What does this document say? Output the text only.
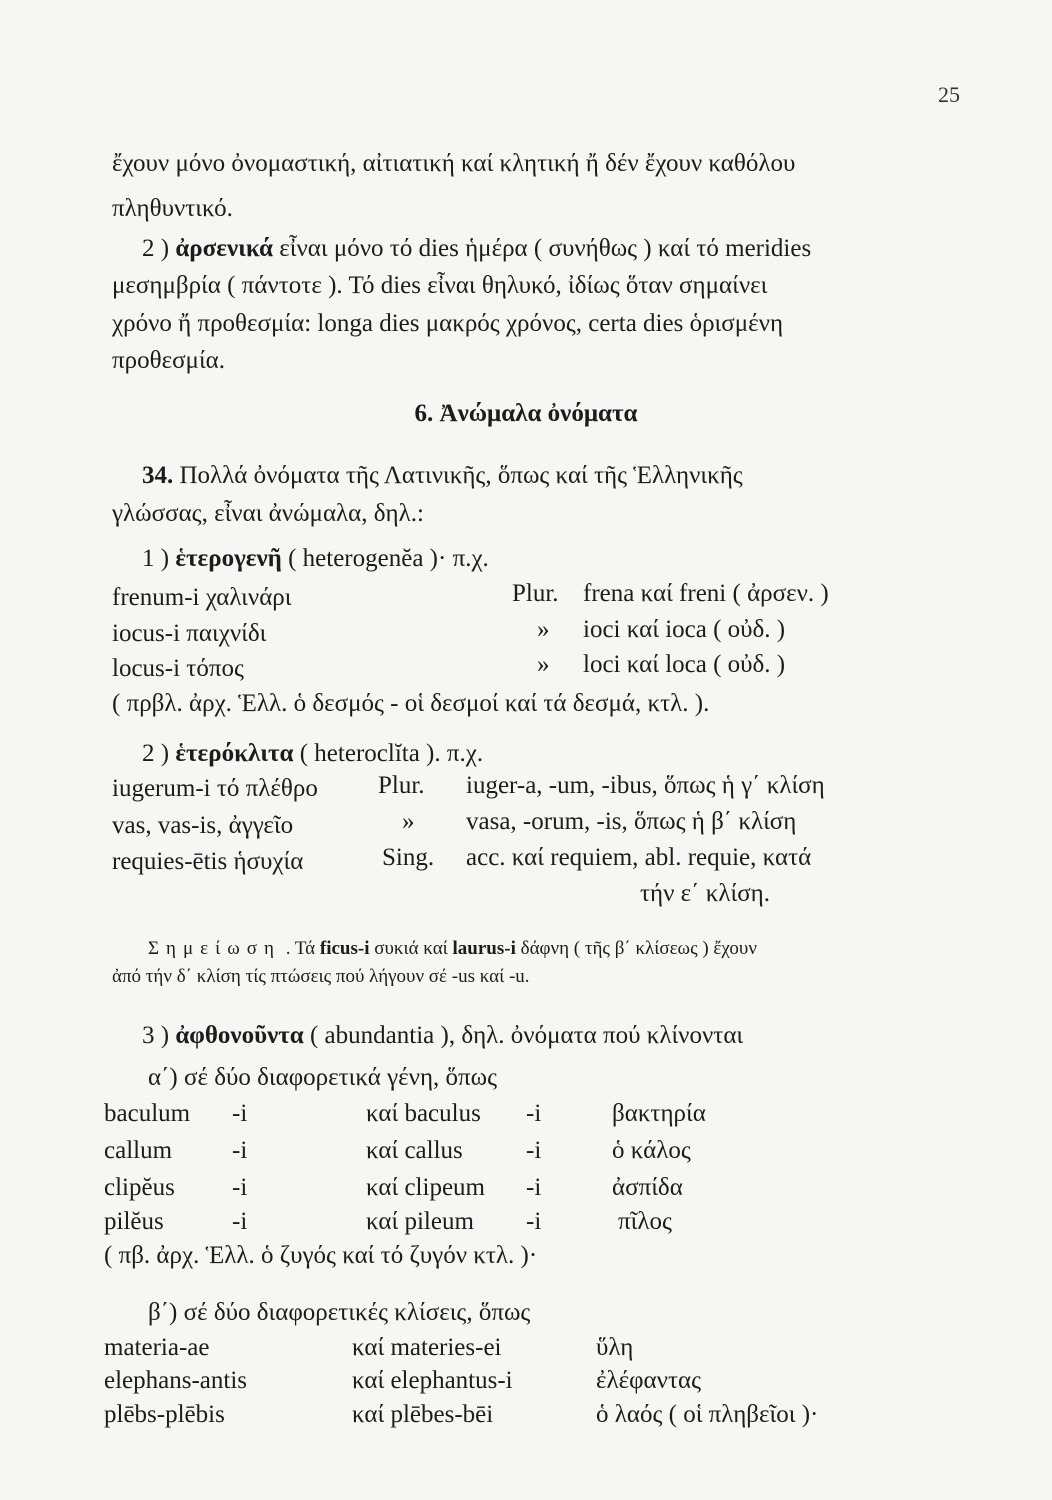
25
ἔχουν μόνο ὀνομαστική, αἰτιατική καί κλητική ἤ δέν ἔχουν καθόλου
πληθυντικό.
2 ) ἀρσενικά εἶναι μόνο τό dies ἡμέρα ( συνήθως ) καί τό meridies
μεσημβρία ( πάντοτε ). Τό dies εἶναι θηλυκό, ἰδίως ὅταν σημαίνει
χρόνο ἤ προθεσμία: longa dies μακρός χρόνος, certa dies ὁρισμένη
προθεσμία.
6. Ἀνώμαλα ὀνόματα
34. Πολλά ὀνόματα τῆς Λατινικῆς, ὅπως καί τῆς Ἑλληνικῆς
γλώσσας, εἶναι ἀνώμαλα, δηλ.:
1 ) ἑτερογενῆ ( heterogenĕa )· π.χ.
frenum-i χαλινάρι	Plur. frena καί freni ( ἀρσεν. )
iocus-i παιχνίδι	» ioci καί ioca ( οὐδ. )
locus-i τόπος	» loci καί loca ( οὐδ. )
( πρβλ. ἀρχ. Ἑλλ. ὁ δεσμός - οἱ δεσμοί καί τά δεσμά, κτλ. ).
2 ) ἑτερόκλιτα ( heteroclĭta ). π.χ.
iugerum-i τό πλέθρο Plur. iuger-a, -um, -ibus, ὅπως ἡ γ΄ κλίση
vas, vas-is, ἀγγεῖο	» vasa, -orum, -is, ὅπως ἡ β΄ κλίση
requies-ētis ἡσυχία	Sing. acc. καί requiem, abl. requie, κατά
τήν ε΄ κλίση.
Σημείωση . Τά ficus-i συκιά καί laurus-i δάφνη ( τῆς β΄ κλίσεως ) ἔχουν
ἀπό τήν δ΄ κλίση τίς πτώσεις πού λήγουν σέ -us καί -u.
3 ) ἀφθονοῦντα ( abundantia ), δηλ. ὀνόματα πού κλίνονται
α΄) σέ δύο διαφορετικά γένη, ὅπως
baculum -i	καί baculus -i	βακτηρία
callum -i	καί callus	-i	ὁ κάλος
clipĕus -i	καί clipeum -i	ἀσπίδα
pilĕus	-i	καί pileum -i	πῖλος
( πβ. ἀρχ. Ἑλλ. ὁ ζυγός καί τό ζυγόν κτλ. )·
β΄) σέ δύο διαφορετικές κλίσεις, ὅπως
materia-ae	καί materies-ei	ὕλη
elephans-antis	καί elephantus-i	ἐλέφαντας
plēbs-plēbis	καί plēbes-bēi	ὁ λαός ( οἱ πληβεῖοι )·
